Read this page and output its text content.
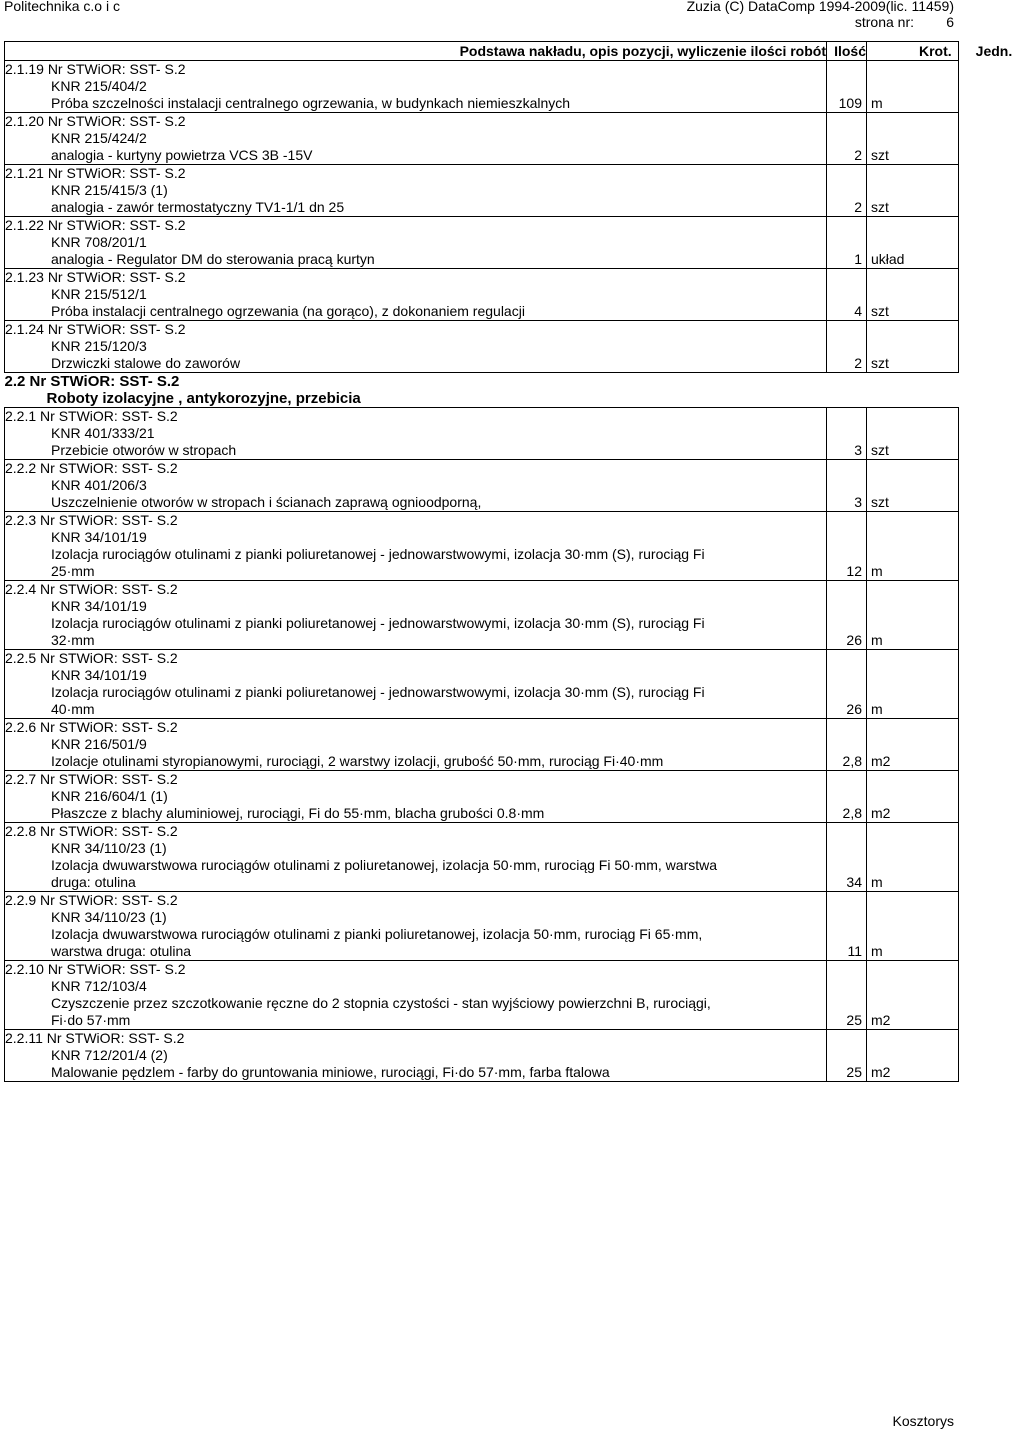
Politechnika c.o i c	Zuzia (C) DataComp 1994-2009(lic. 11459)
strona nr: 6
Podstawa nakładu, opis pozycji, wyliczenie ilości robót	Ilość	Krot. Jedn.

2.1.19 Nr STWiOR: SST- S.2
KNR 215/404/2
Próba szczelności instalacji centralnego ogrzewania, w budynkach niemieszkalnych	109	m

2.1.20 Nr STWiOR: SST- S.2
KNR 215/424/2
analogia - kurtyny powietrza VCS 3B -15V	2	szt

2.1.21 Nr STWiOR: SST- S.2
KNR 215/415/3 (1)
analogia - zawór termostatyczny TV1-1/1 dn 25	2	szt

2.1.22 Nr STWiOR: SST- S.2
KNR 708/201/1
analogia - Regulator DM do sterowania pracą kurtyn	1	układ

2.1.23 Nr STWiOR: SST- S.2
KNR 215/512/1
Próba instalacji centralnego ogrzewania (na gorąco), z dokonaniem regulacji	4	szt

2.1.24 Nr STWiOR: SST- S.2
KNR 215/120/3
Drzwiczki stalowe do zaworów	2	szt

2.2 Nr STWiOR: SST- S.2
Roboty izolacyjne , antykorozyjne, przebicia		

2.2.1 Nr STWiOR: SST- S.2
KNR 401/333/21
Przebicie otworów w stropach	3	szt

2.2.2 Nr STWiOR: SST- S.2
KNR 401/206/3
Uszczelnienie otworów w stropach i ścianach zaprawą ognioodporną,	3	szt

2.2.3 Nr STWiOR: SST- S.2
KNR 34/101/19
Izolacja rurociągów otulinami z pianki poliuretanowej - jednowarstwowymi, izolacja 30·mm (S), rurociąg Fi
25·mm	12	m

2.2.4 Nr STWiOR: SST- S.2
KNR 34/101/19
Izolacja rurociągów otulinami z pianki poliuretanowej - jednowarstwowymi, izolacja 30·mm (S), rurociąg Fi
32·mm	26	m

2.2.5 Nr STWiOR: SST- S.2
KNR 34/101/19
Izolacja rurociągów otulinami z pianki poliuretanowej - jednowarstwowymi, izolacja 30·mm (S), rurociąg Fi
40·mm	26	m

2.2.6 Nr STWiOR: SST- S.2
KNR 216/501/9
Izolacje otulinami styropianowymi, rurociągi, 2 warstwy izolacji, grubość 50·mm, rurociąg Fi·40·mm	2,8	m2

2.2.7 Nr STWiOR: SST- S.2
KNR 216/604/1 (1)
Płaszcze z blachy aluminiowej, rurociągi, Fi do 55·mm, blacha grubości 0.8·mm	2,8	m2

2.2.8 Nr STWiOR: SST- S.2
KNR 34/110/23 (1)
Izolacja dwuwarstwowa rurociągów otulinami z poliuretanowej, izolacja 50·mm, rurociąg Fi 50·mm, warstwa
druga: otulina	34	m

2.2.9 Nr STWiOR: SST- S.2
KNR 34/110/23 (1)
Izolacja dwuwarstwowa rurociągów otulinami z pianki poliuretanowej, izolacja 50·mm, rurociąg Fi 65·mm,
warstwa druga: otulina	11	m

2.2.10 Nr STWiOR: SST- S.2
KNR 712/103/4
Czyszczenie przez szczotkowanie ręczne do 2 stopnia czystości - stan wyjściowy powierzchni B, rurociągi,
Fi·do 57·mm	25	m2

2.2.11 Nr STWiOR: SST- S.2
KNR 712/201/4 (2)
Malowanie pędzlem - farby do gruntowania miniowe, rurociągi, Fi·do 57·mm, farba ftalowa	25	m2
Kosztorys
